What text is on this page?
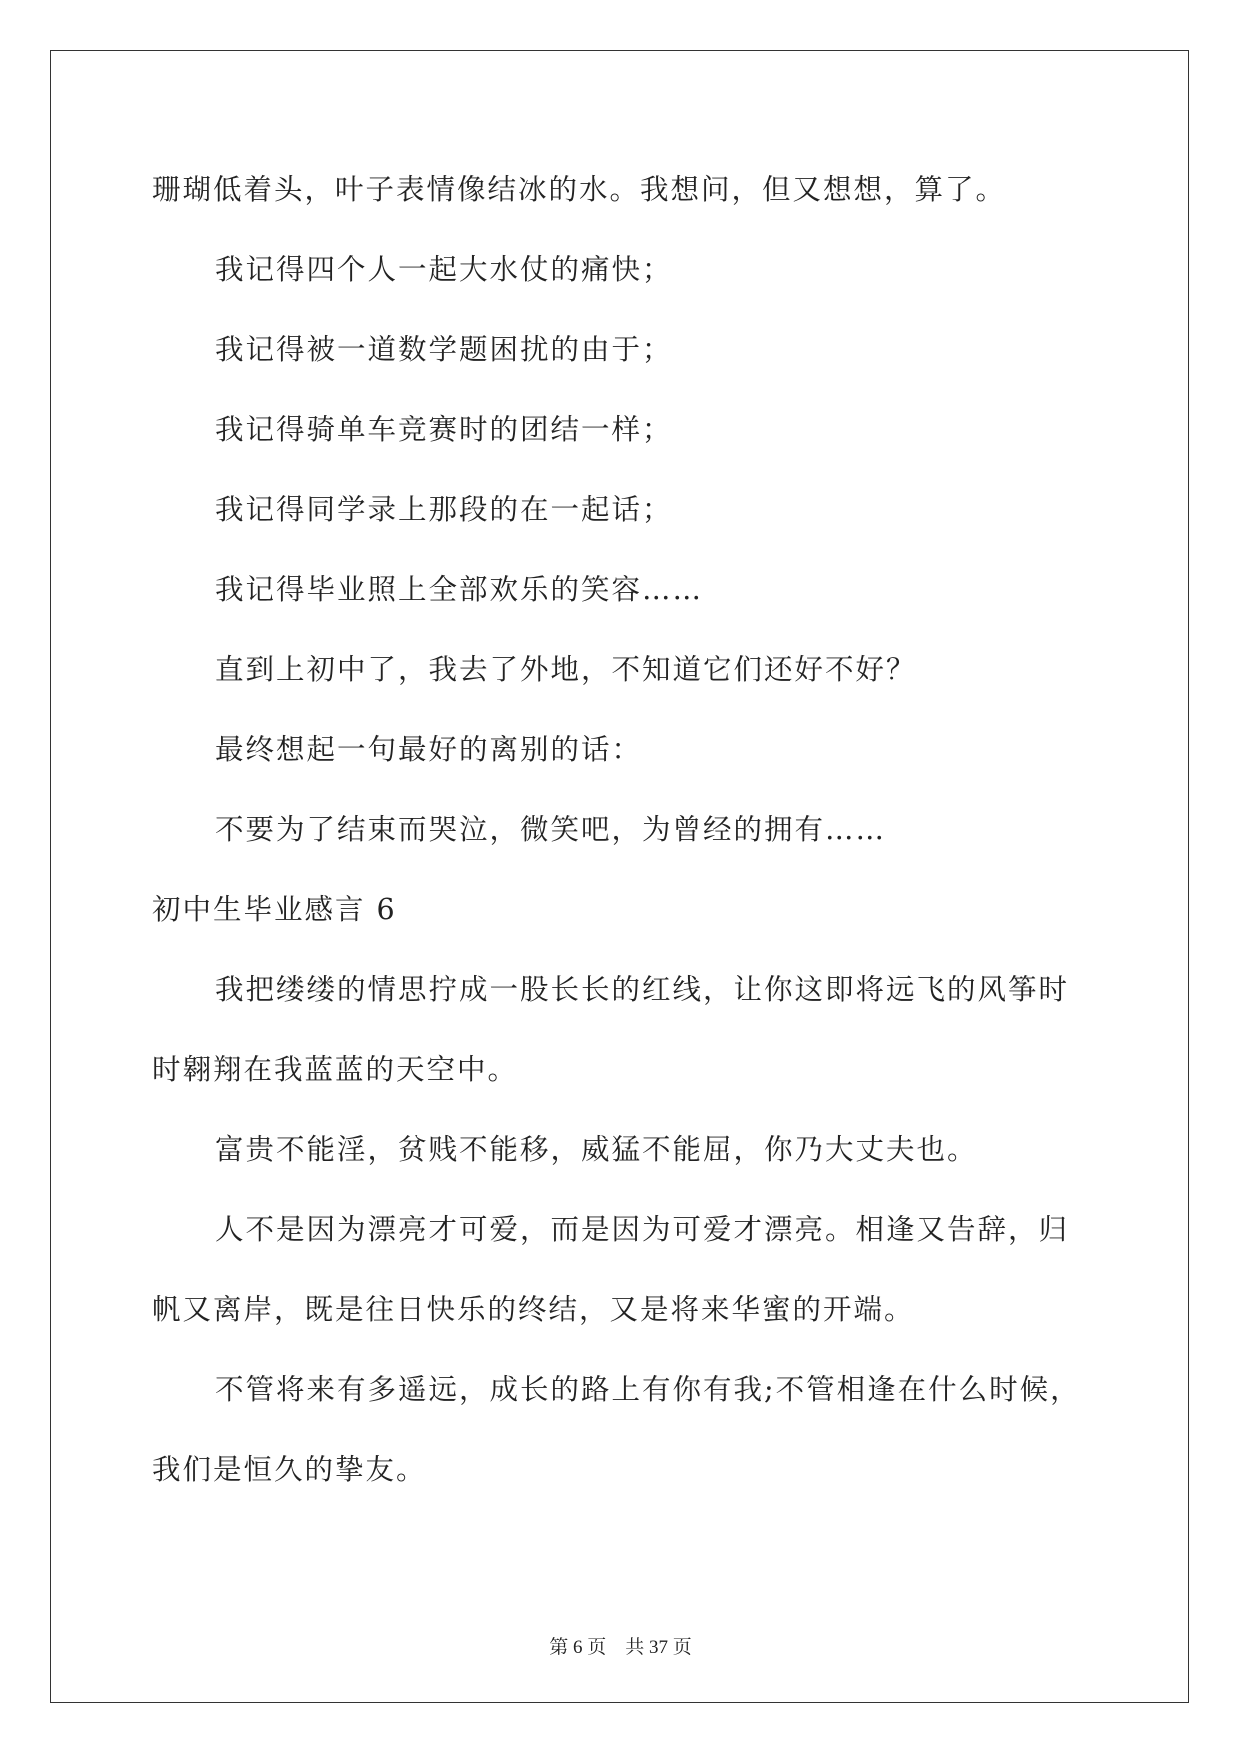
珊瑚低着头，叶子表情像结冰的水。我想问，但又想想，算了。
我记得四个人一起大水仗的痛快；
我记得被一道数学题困扰的由于；
我记得骑单车竞赛时的团结一样；
我记得同学录上那段的在一起话；
我记得毕业照上全部欢乐的笑容……
直到上初中了，我去了外地，不知道它们还好不好？
最终想起一句最好的离别的话：
不要为了结束而哭泣，微笑吧，为曾经的拥有……
初中生毕业感言 6
我把缕缕的情思拧成一股长长的红线，让你这即将远飞的风筝时
时翱翔在我蓝蓝的天空中。
富贵不能淫，贫贱不能移，威猛不能屈，你乃大丈夫也。
人不是因为漂亮才可爱，而是因为可爱才漂亮。相逢又告辞，归
帆又离岸，既是往日快乐的终结，又是将来华蜜的开端。
不管将来有多遥远，成长的路上有你有我;不管相逢在什么时候，
我们是恒久的挚友。
第 6 页    共 37 页
